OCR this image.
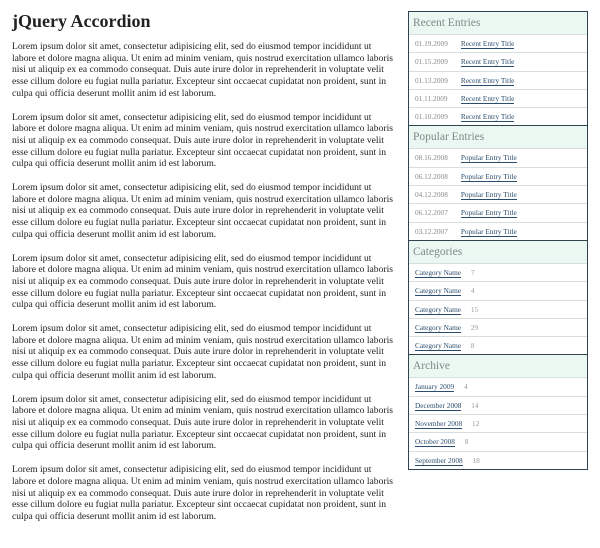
jQuery Accordion

Lorem ipsum dolor sit amet, consectetur adipisicing elit, sed do eiusmod tempor incididunt ut labore et dolore magna aliqua. Ut enim ad minim veniam, quis nostrud exercitation ullamco laboris nisi ut aliquip ex ea commodo consequat. Duis aute irure dolor in reprehenderit in voluptate velit esse cillum dolore eu fugiat nulla pariatur. Excepteur sint occaecat cupidatat non proident, sunt in culpa qui officia deserunt mollit anim id est laborum.

Lorem ipsum dolor sit amet, consectetur adipisicing elit, sed do eiusmod tempor incididunt ut labore et dolore magna aliqua. Ut enim ad minim veniam, quis nostrud exercitation ullamco laboris nisi ut aliquip ex ea commodo consequat. Duis aute irure dolor in reprehenderit in voluptate velit esse cillum dolore eu fugiat nulla pariatur. Excepteur sint occaecat cupidatat non proident, sunt in culpa qui officia deserunt mollit anim id est laborum.

Lorem ipsum dolor sit amet, consectetur adipisicing elit, sed do eiusmod tempor incididunt ut labore et dolore magna aliqua. Ut enim ad minim veniam, quis nostrud exercitation ullamco laboris nisi ut aliquip ex ea commodo consequat. Duis aute irure dolor in reprehenderit in voluptate velit esse cillum dolore eu fugiat nulla pariatur. Excepteur sint occaecat cupidatat non proident, sunt in culpa qui officia deserunt mollit anim id est laborum.

Lorem ipsum dolor sit amet, consectetur adipisicing elit, sed do eiusmod tempor incididunt ut labore et dolore magna aliqua. Ut enim ad minim veniam, quis nostrud exercitation ullamco laboris nisi ut aliquip ex ea commodo consequat. Duis aute irure dolor in reprehenderit in voluptate velit esse cillum dolore eu fugiat nulla pariatur. Excepteur sint occaecat cupidatat non proident, sunt in culpa qui officia deserunt mollit anim id est laborum.

Lorem ipsum dolor sit amet, consectetur adipisicing elit, sed do eiusmod tempor incididunt ut labore et dolore magna aliqua. Ut enim ad minim veniam, quis nostrud exercitation ullamco laboris nisi ut aliquip ex ea commodo consequat. Duis aute irure dolor in reprehenderit in voluptate velit esse cillum dolore eu fugiat nulla pariatur. Excepteur sint occaecat cupidatat non proident, sunt in culpa qui officia deserunt mollit anim id est laborum.

Lorem ipsum dolor sit amet, consectetur adipisicing elit, sed do eiusmod tempor incididunt ut labore et dolore magna aliqua. Ut enim ad minim veniam, quis nostrud exercitation ullamco laboris nisi ut aliquip ex ea commodo consequat. Duis aute irure dolor in reprehenderit in voluptate velit esse cillum dolore eu fugiat nulla pariatur. Excepteur sint occaecat cupidatat non proident, sunt in culpa qui officia deserunt mollit anim id est laborum.

Lorem ipsum dolor sit amet, consectetur adipisicing elit, sed do eiusmod tempor incididunt ut labore et dolore magna aliqua. Ut enim ad minim veniam, quis nostrud exercitation ullamco laboris nisi ut aliquip ex ea commodo consequat. Duis aute irure dolor in reprehenderit in voluptate velit esse cillum dolore eu fugiat nulla pariatur. Excepteur sint occaecat cupidatat non proident, sunt in culpa qui officia deserunt mollit anim id est laborum.

Recent Entries
01.19.2009 Recent Entry Title
01.15.2009 Recent Entry Title
01.13.2009 Recent Entry Title
01.11.2009 Recent Entry Title
01.10.2009 Recent Entry Title
Popular Entries
08.16.2008 Popular Entry Title
06.12.2008 Popular Entry Title
04.12.2008 Popular Entry Title
06.12.2007 Popular Entry Title
03.12.2007 Popular Entry Title
Categories
Category Name 7
Category Name 4
Category Name 15
Category Name 29
Category Name 8
Archive
January 2009 4
December 2008 14
November 2008 12
October 2008 8
September 2008 18
